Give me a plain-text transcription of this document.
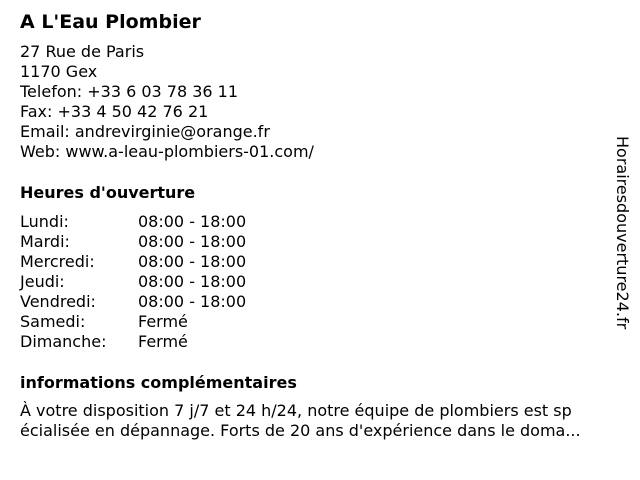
A L'Eau Plombier
27 Rue de Paris
1170 Gex
Telefon: +33 6 03 78 36 11
Fax: +33 4 50 42 76 21
Email: andrevirginie@orange.fr
Web: www.a-leau-plombiers-01.com/
Heures d'ouverture
Lundi:	08:00 - 18:00
Mardi:	08:00 - 18:00
Mercredi:	08:00 - 18:00
Jeudi:	08:00 - 18:00
Vendredi:	08:00 - 18:00
Samedi:	Fermé
Dimanche: Fermé
informations complémentaires
À votre disposition 7 j/7 et 24 h/24, notre équipe de plombiers est sp
écialisée en dépannage. Forts de 20 ans d'expérience dans le doma...
Horairesdouverture24.fr
